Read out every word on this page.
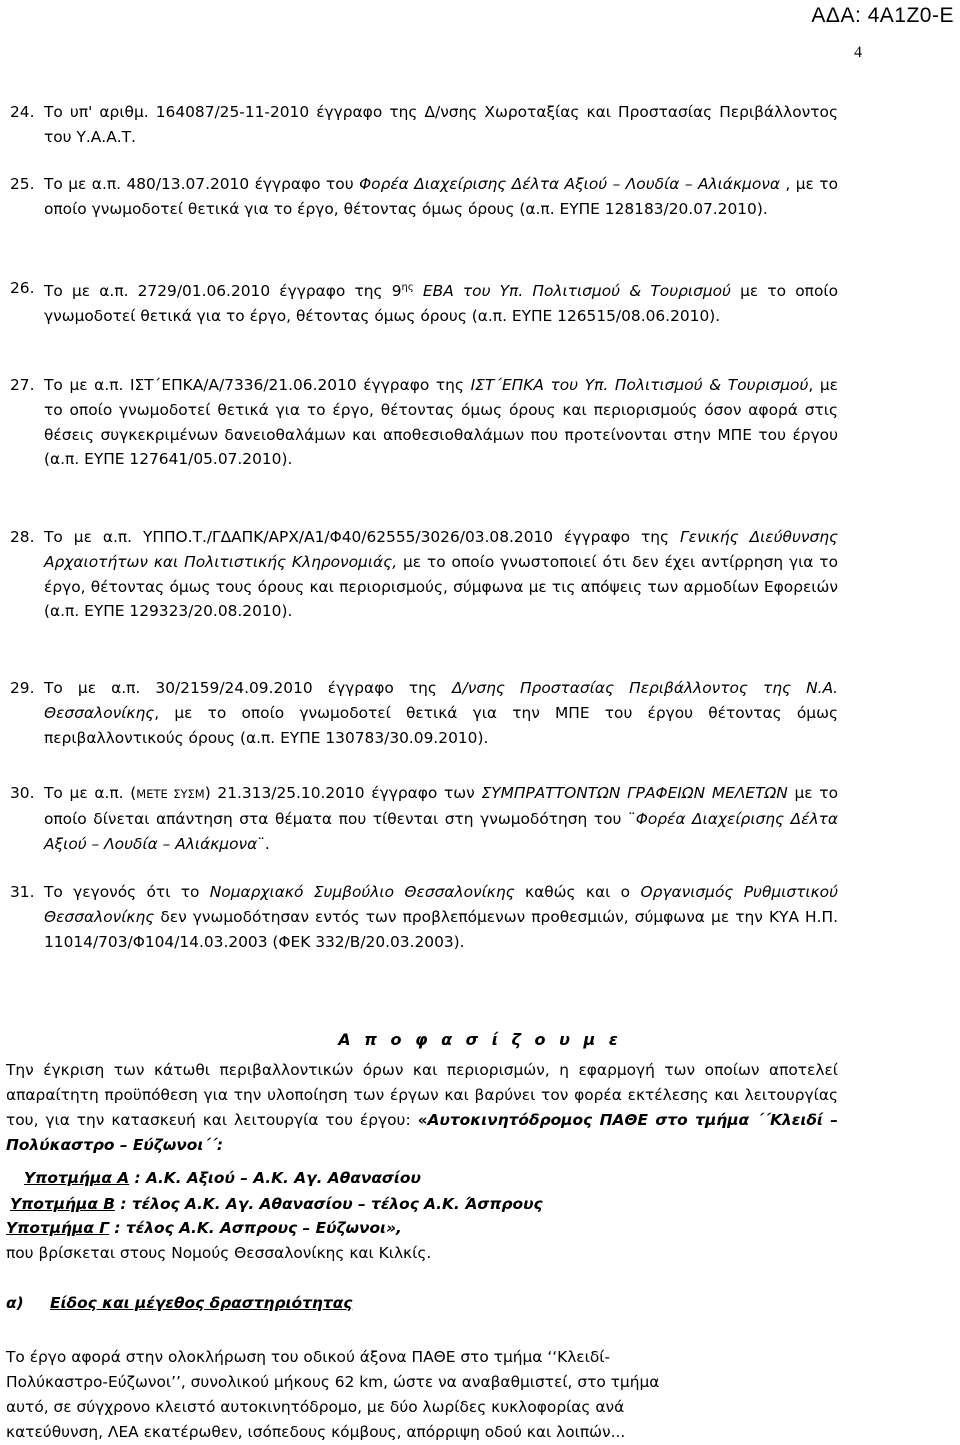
ΑΔΑ: 4Α1Ζ0-Ε
4
24. Το υπ' αριθμ. 164087/25-11-2010 έγγραφο της Δ/νσης Χωροταξίας και Προστασίας Περιβάλλοντος του Υ.Α.Α.Τ.
25. Το με α.π. 480/13.07.2010 έγγραφο του Φορέα Διαχείρισης Δέλτα Αξιού – Λουδία – Αλιάκμονα , με το οποίο γνωμοδοτεί θετικά για το έργο, θέτοντας όμως όρους (α.π. ΕΥΠΕ 128183/20.07.2010).
26. Το με α.π. 2729/01.06.2010 έγγραφο της $9^{\eta\varsigma}$ ΕΒΑ του Υπ. Πολιτισμού & Τουρισμού με το οποίο γνωμοδοτεί θετικά για το έργο, θέτοντας όμως όρους (α.π. ΕΥΠΕ 126515/08.06.2010).
27. Το με α.π. ΙΣΤ΄ΕΠΚΑ/Α/7336/21.06.2010 έγγραφο της ΙΣΤ΄ΕΠΚΑ του Υπ. Πολιτισμού & Τουρισμού, με το οποίο γνωμοδοτεί θετικά για το έργο, θέτοντας όμως όρους και περιορισμούς όσον αφορά στις θέσεις συγκεκριμένων δανειοθαλάμων και αποθεσιοθαλάμων που προτείνονται στην ΜΠΕ του έργου (α.π. ΕΥΠΕ 127641/05.07.2010).
28. Το με α.π. ΥΠΠΟ.Τ./ΓΔΑΠΚ/ΑΡΧ/Α1/Φ40/62555/3026/03.08.2010 έγγραφο της Γενικής Διεύθυνσης Αρχαιοτήτων και Πολιτιστικής Κληρονομιάς, με το οποίο γνωστοποιεί ότι δεν έχει αντίρρηση για το έργο, θέτοντας όμως τους όρους και περιορισμούς, σύμφωνα με τις απόψεις των αρμοδίων Εφορειών (α.π. ΕΥΠΕ 129323/20.08.2010).
29. Το με α.π. 30/2159/24.09.2010 έγγραφο της Δ/νσης Προστασίας Περιβάλλοντος της Ν.Α. Θεσσαλονίκης, με το οποίο γνωμοδοτεί θετικά για την ΜΠΕ του έργου θέτοντας όμως περιβαλλοντικούς όρους (α.π. ΕΥΠΕ 130783/30.09.2010).
30. Το με α.π. (ΜΕΤΕ ΣΥΣΜ) 21.313/25.10.2010 έγγραφο των ΣΥΜΠΡΑΤΤΟΝΤΩΝ ΓΡΑΦΕΙΩΝ ΜΕΛΕΤΩΝ με το οποίο δίνεται απάντηση στα θέματα που τίθενται στη γνωμοδότηση του ¨Φορέα Διαχείρισης Δέλτα Αξιού – Λουδία – Αλιάκμονα¨.
31. Το γεγονός ότι το Νομαρχιακό Συμβούλιο Θεσσαλονίκης καθώς και ο Οργανισμός Ρυθμιστικού Θεσσαλονίκης δεν γνωμοδότησαν εντός των προβλεπόμενων προθεσμιών, σύμφωνα με την ΚΥΑ Η.Π. 11014/703/Φ104/14.03.2003 (ΦΕΚ 332/Β/20.03.2003).
Α π ο φ α σ ί ζ ο υ μ ε
Την έγκριση των κάτωθι περιβαλλοντικών όρων και περιορισμών, η εφαρμογή των οποίων αποτελεί απαραίτητη προϋπόθεση για την υλοποίηση των έργων και βαρύνει τον φορέα εκτέλεσης και λειτουργίας του, για την κατασκευή και λειτουργία του έργου: «Αυτοκινητόδρομος ΠΑΘΕ στο τμήμα ΄΄Κλειδί – Πολύκαστρο – Εύζωνοι΄΄:
Υποτμήμα Α : Α.Κ. Αξιού – Α.Κ. Αγ. Αθανασίου
Υποτμήμα Β : τέλος Α.Κ. Αγ. Αθανασίου – τέλος Α.Κ. Άσπρους
Υποτμήμα Γ : τέλος Α.Κ. Ασπρους – Εύζωνοι»,
που βρίσκεται στους Νομούς Θεσσαλονίκης και Κιλκίς.
α) Είδος και μέγεθος δραστηριότητας
Το έργο αφορά στην ολοκλήρωση του οδικού άξονα ΠΑΘΕ στο τμήμα ‘‘Κλειδί-
Πολύκαστρο-Εύζωνοι’’, συνολικού μήκους 62 km, ώστε να αναβαθμιστεί, στο τμήμα
αυτό, σε σύγχρονο κλειστό αυτοκινητόδρομο, με δύο λωρίδες κυκλοφορίας ανά
κατεύθυνση, ΛΕΑ εκατέρωθεν, ισόπεδους κόμβους, απόρριψη οδού και λοιπών...
